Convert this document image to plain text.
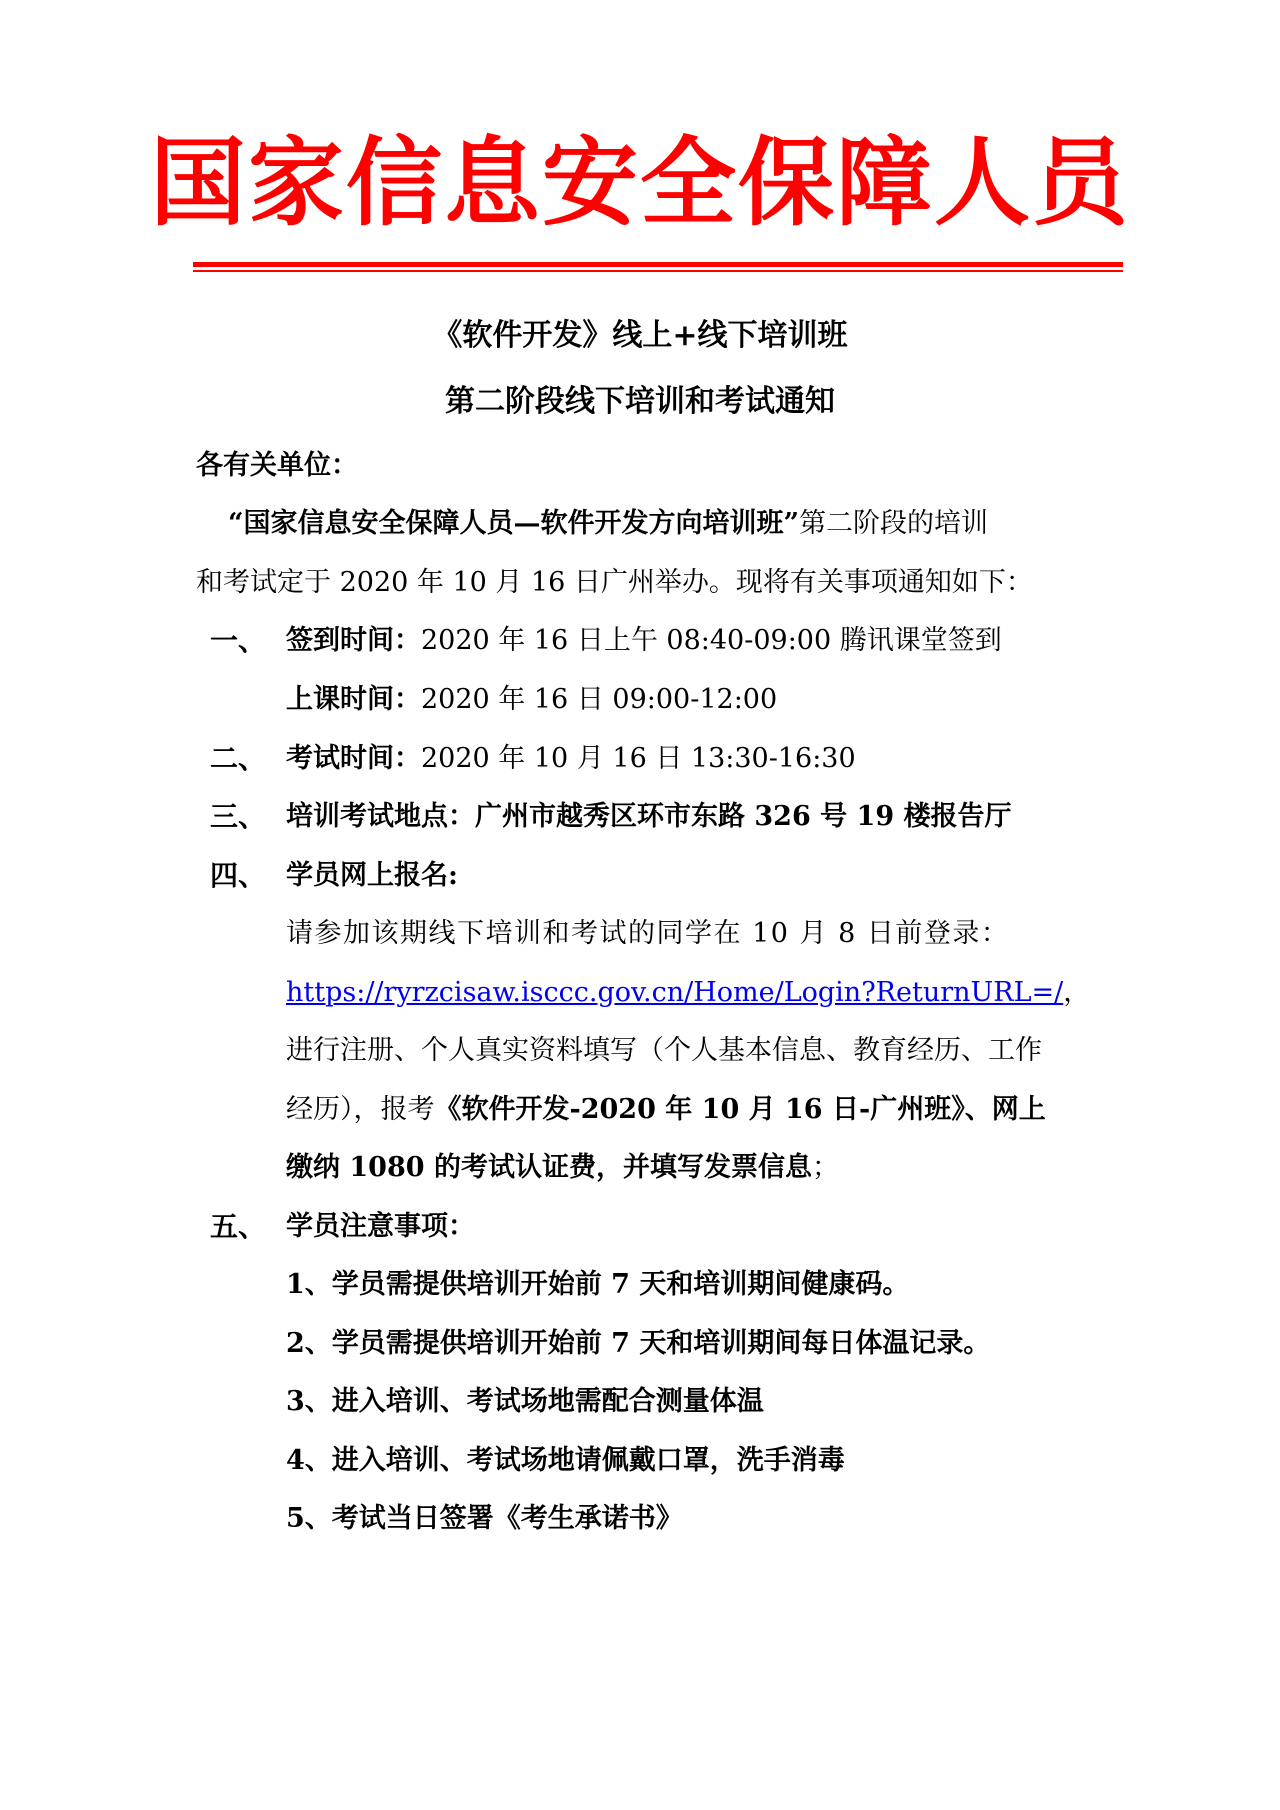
国家信息安全保障人员
《软件开发》线上+线下培训班
第二阶段线下培训和考试通知
各有关单位：
“国家信息安全保障人员—软件开发方向培训班”第二阶段的培训
和考试定于 2020 年 10 月 16 日广州举办。现将有关事项通知如下：
一、 签到时间：2020 年 16 日上午 08:40-09:00 腾讯课堂签到
上课时间：2020 年 16 日 09:00-12:00
二、 考试时间：2020 年 10 月 16 日 13:30-16:30
三、 培训考试地点：广州市越秀区环市东路 326 号 19 楼报告厅
四、 学员网上报名:
请参加该期线下培训和考试的同学在 10 月 8 日前登录：
https://ryrzcisaw.isccc.gov.cn/Home/Login?ReturnURL=/，
进行注册、个人真实资料填写（个人基本信息、教育经历、工作
经历），报考《软件开发-2020 年 10 月 16 日-广州班》、网上
缴纳 1080 的考试认证费，并填写发票信息；
五、 学员注意事项：
1、学员需提供培训开始前 7 天和培训期间健康码。
2、学员需提供培训开始前 7 天和培训期间每日体温记录。
3、进入培训、考试场地需配合测量体温
4、进入培训、考试场地请佩戴口罩，洗手消毒
5、考试当日签署《考生承诺书》
